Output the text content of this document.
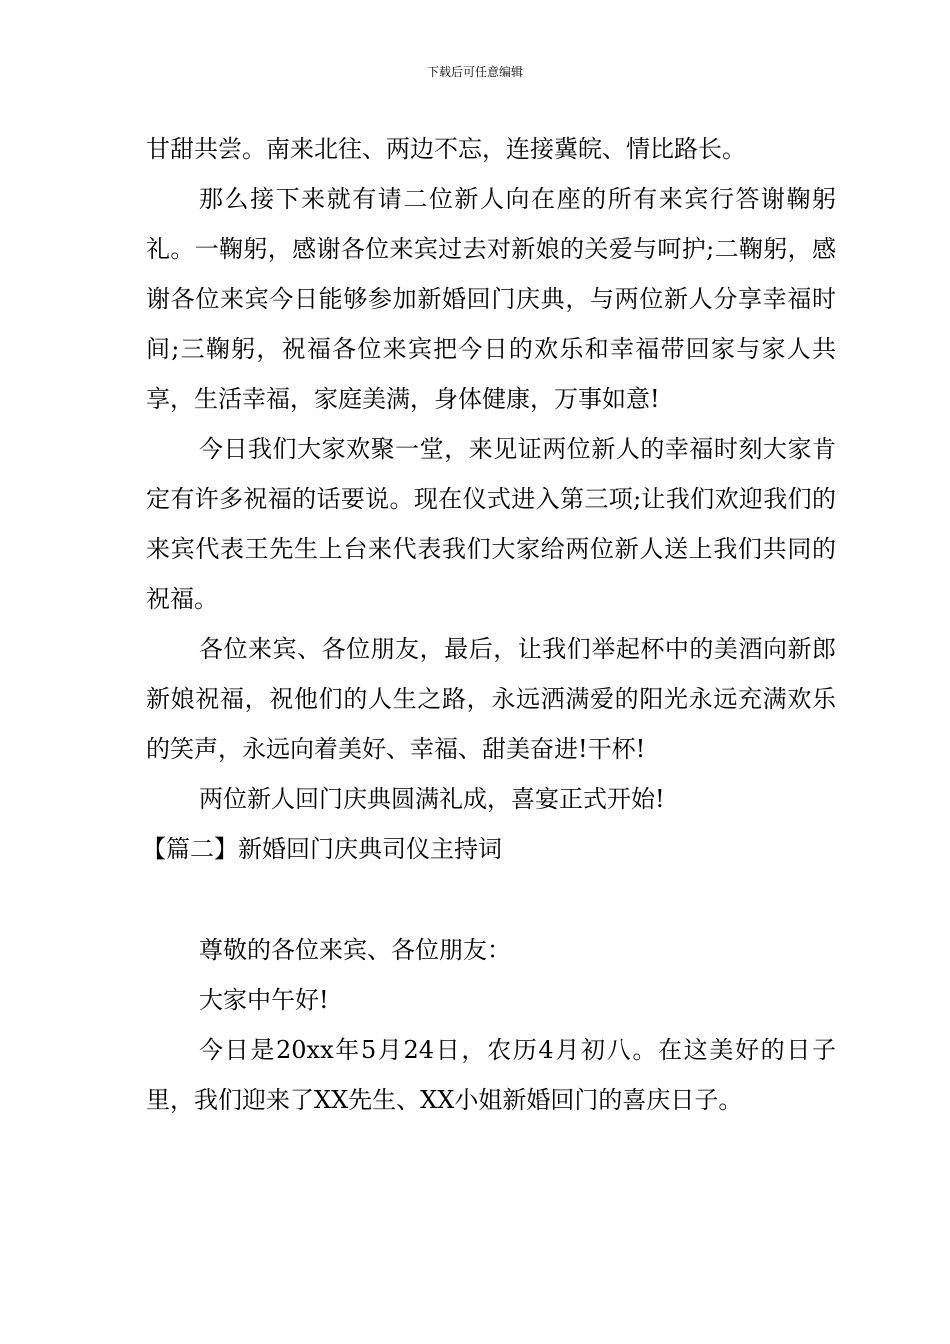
下载后可任意编辑

甘甜共尝。南来北往、两边不忘，连接冀皖、情比路长。

那么接下来就有请二位新人向在座的所有来宾行答谢鞠躬礼。一鞠躬，感谢各位来宾过去对新娘的关爱与呵护;二鞠躬，感谢各位来宾今日能够参加新婚回门庆典，与两位新人分享幸福时间;三鞠躬，祝福各位来宾把今日的欢乐和幸福带回家与家人共享，生活幸福，家庭美满，身体健康，万事如意!

今日我们大家欢聚一堂，来见证两位新人的幸福时刻大家肯定有许多祝福的话要说。现在仪式进入第三项;让我们欢迎我们的来宾代表王先生上台来代表我们大家给两位新人送上我们共同的祝福。

各位来宾、各位朋友，最后，让我们举起杯中的美酒向新郎新娘祝福，祝他们的人生之路，永远洒满爱的阳光永远充满欢乐的笑声，永远向着美好、幸福、甜美奋进!干杯!

两位新人回门庆典圆满礼成，喜宴正式开始!

【篇二】新婚回门庆典司仪主持词

尊敬的各位来宾、各位朋友：

大家中午好!

今日是20xx年5月24日，农历4月初八。在这美好的日子里，我们迎来了XX先生、XX小姐新婚回门的喜庆日子。
